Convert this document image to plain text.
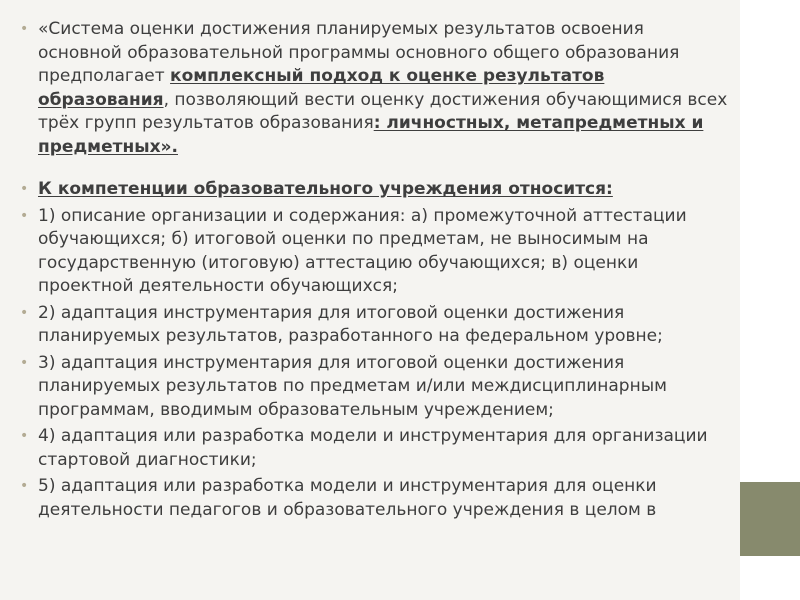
• «Система оценки достижения планируемых результатов освоения основной образовательной программы основного общего образования предполагает комплексный подход к оценке результатов образования, позволяющий вести оценку достижения обучающимися всех трёх групп результатов образования: личностных, метапредметных и предметных».

• К компетенции образовательного учреждения относится:

• 1) описание организации и содержания: а) промежуточной аттестации обучающихся; б) итоговой оценки по предметам, не выносимым на государственную (итоговую) аттестацию обучающихся; в) оценки проектной деятельности обучающихся;

• 2) адаптация инструментария для итоговой оценки достижения планируемых результатов, разработанного на федеральном уровне;

• 3) адаптация инструментария для итоговой оценки достижения планируемых результатов по предметам и/или междисциплинарным программам, вводимым образовательным учреждением;

• 4) адаптация или разработка модели и инструментария для организации стартовой диагностики;

• 5) адаптация или разработка модели и инструментария для оценки деятельности педагогов и образовательного учреждения в целом в
